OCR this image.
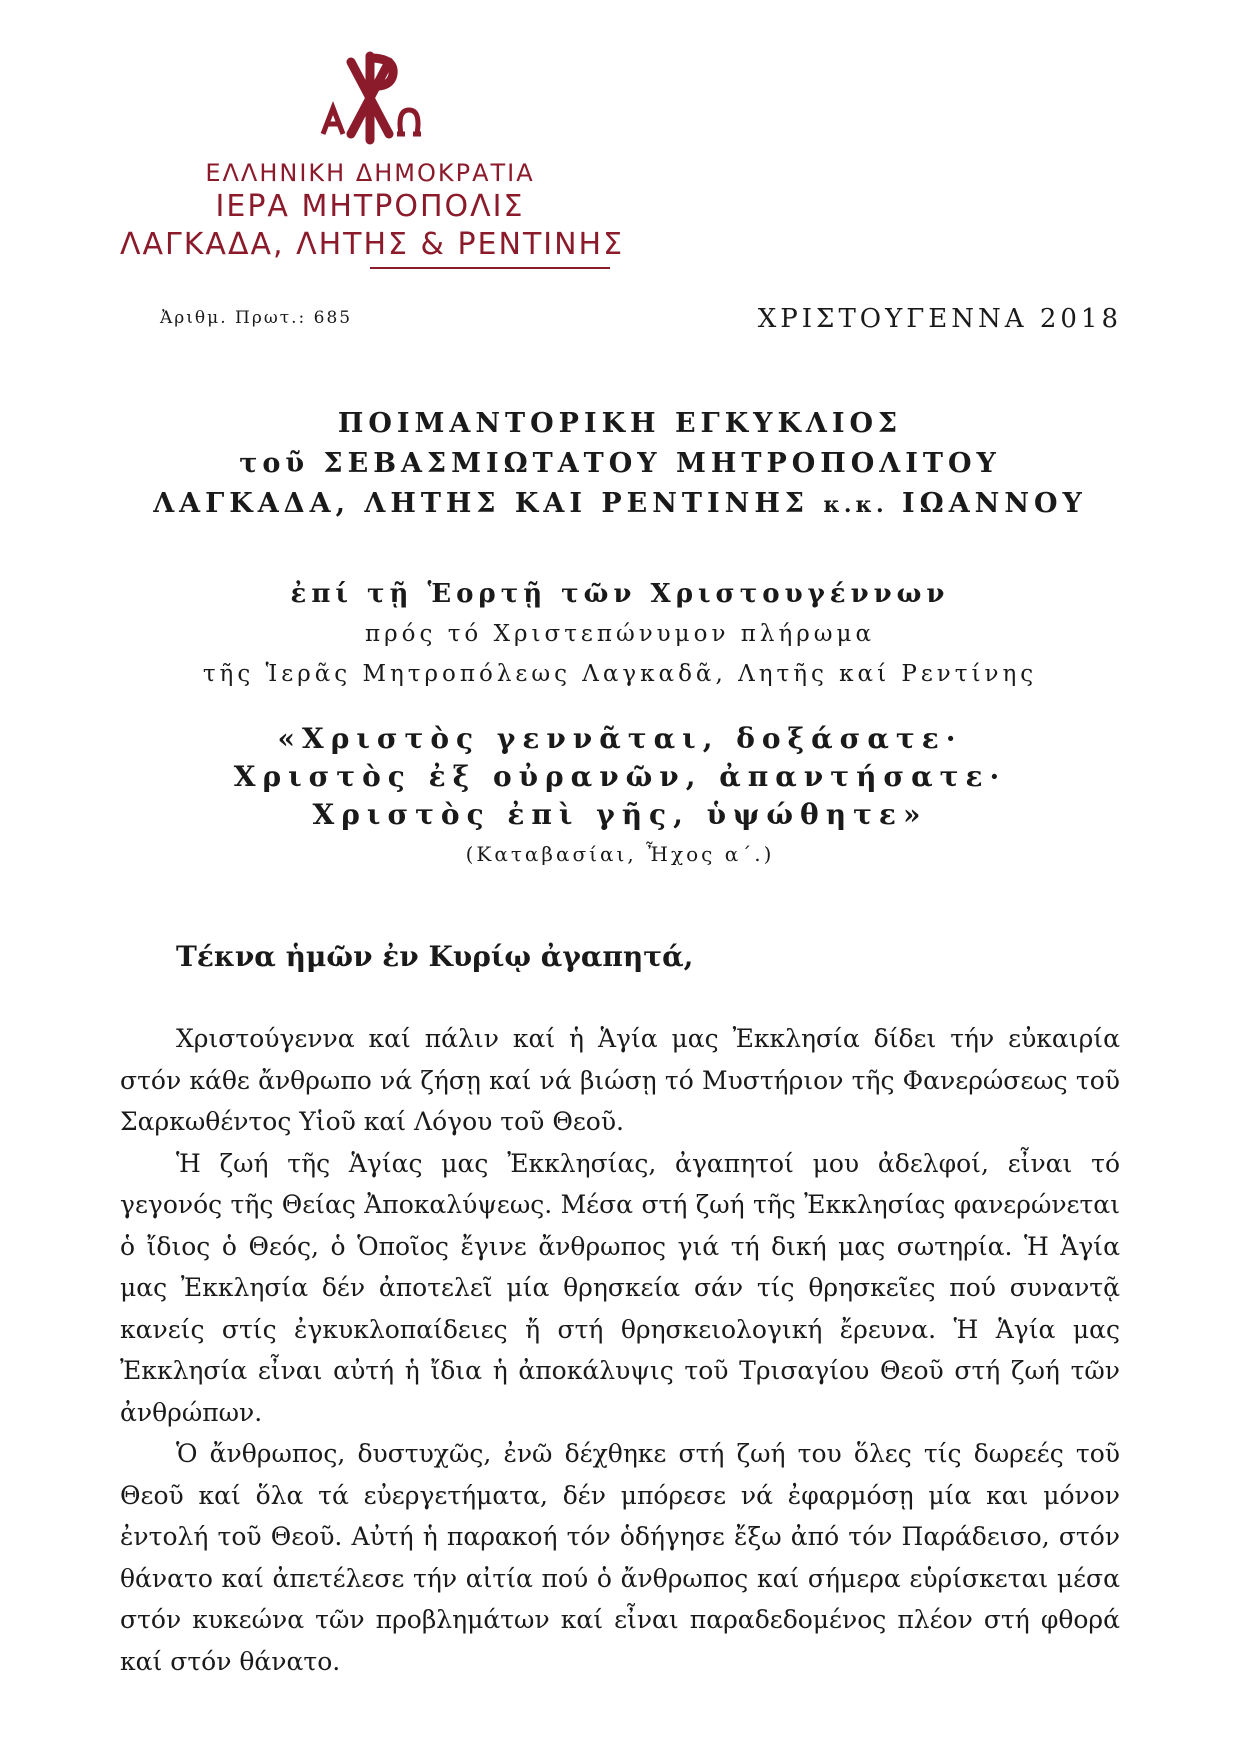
ΕΛΛΗΝΙΚΗ ΔΗΜΟΚΡΑΤΙΑ
ΙΕΡΑ ΜΗΤΡΟΠΟΛΙΣ
ΛΑΓΚΑΔΑ, ΛΗΤΗΣ & ΡΕΝΤΙΝΗΣ
Ἀριθμ. Πρωτ.: 685	ΧΡΙΣΤΟΥΓΕΝΝΑ 2018
ΠΟΙΜΑΝΤΟΡΙΚΗ ΕΓΚΥΚΛΙΟΣ
τοῦ ΣΕΒΑΣΜΙΩΤΑΤΟΥ ΜΗΤΡΟΠΟΛΙΤΟΥ
ΛΑΓΚΑΔΑ, ΛΗΤΗΣ ΚΑΙ ΡΕΝΤΙΝΗΣ κ.κ. ΙΩΑΝΝΟΥ
ἐπί τῇ Ἑορτῇ τῶν Χριστουγέννων
πρός τό Χριστεπώνυμον πλήρωμα
τῆς Ἱερᾶς Μητροπόλεως Λαγκαδᾶ, Λητῆς καί Ρεντίνης
«Χριστὸς γεννᾶται, δοξάσατε·
Χριστὸς ἐξ οὐρανῶν, ἀπαντήσατε·
Χριστὸς ἐπὶ γῆς, ὑψώθητε»
(Καταβασίαι, Ἦχος α΄.)
Τέκνα ἡμῶν ἐν Κυρίῳ ἀγαπητά,

Χριστούγεννα καί πάλιν καί ἡ Ἁγία μας Ἐκκλησία δίδει τήν εὐκαιρία στόν κάθε ἄνθρωπο νά ζήσῃ καί νά βιώσῃ τό Μυστήριον τῆς Φανερώσεως τοῦ Σαρκωθέντος Υἱοῦ καί Λόγου τοῦ Θεοῦ.

Ἡ ζωή τῆς Ἁγίας μας Ἐκκλησίας, ἀγαπητοί μου ἀδελφοί, εἶναι τό γεγονός τῆς Θείας Ἀποκαλύψεως. Μέσα στή ζωή τῆς Ἐκκλησίας φανερώνεται ὁ ἴδιος ὁ Θεός, ὁ Ὁποῖος ἔγινε ἄνθρωπος γιά τή δική μας σωτηρία. Ἡ Ἁγία μας Ἐκκλησία δέν ἀποτελεῖ μία θρησκεία σάν τίς θρησκεῖες πού συναντᾷ κανείς στίς ἐγκυκλοπαίδειες ἤ στή θρησκειολογική ἔρευνα. Ἡ Ἁγία μας Ἐκκλησία εἶναι αὐτή ἡ ἴδια ἡ ἀποκάλυψις τοῦ Τρισαγίου Θεοῦ στή ζωή τῶν ἀνθρώπων.

Ὁ ἄνθρωπος, δυστυχῶς, ἐνῶ δέχθηκε στή ζωή του ὅλες τίς δωρεές τοῦ Θεοῦ καί ὅλα τά εὐεργετήματα, δέν μπόρεσε νά ἐφαρμόσῃ μία και μόνον ἐντολή τοῦ Θεοῦ. Αὐτή ἡ παρακοή τόν ὁδήγησε ἔξω ἀπό τόν Παράδεισο, στόν θάνατο καί ἀπετέλεσε τήν αἰτία πού ὁ ἄνθρωπος καί σήμερα εὑρίσκεται μέσα στόν κυκεώνα τῶν προβλημάτων καί εἶναι παραδεδομένος πλέον στή φθορά καί στόν θάνατο.
